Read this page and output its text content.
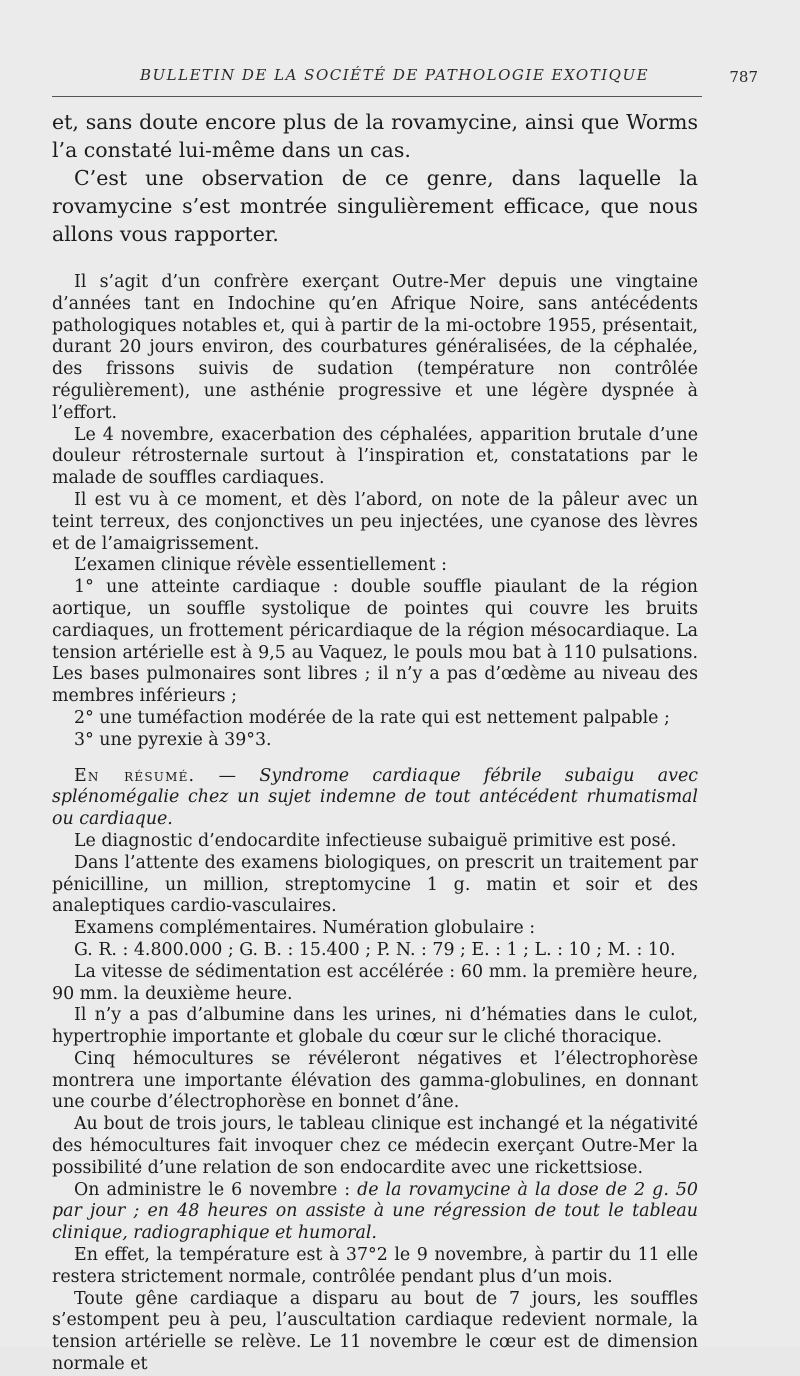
BULLETIN DE LA SOCIÉTÉ DE PATHOLOGIE EXOTIQUE	787

et, sans doute encore plus de la rovamycine, ainsi que Worms l’a constaté lui-même dans un cas.

C’est une observation de ce genre, dans laquelle la rovamycine s’est montrée singulièrement efficace, que nous allons vous rapporter.

Il s’agit d’un confrère exerçant Outre-Mer depuis une vingtaine d’années tant en Indochine qu’en Afrique Noire, sans antécédents pathologiques notables et, qui à partir de la mi-octobre 1955, présentait, durant 20 jours environ, des courbatures généralisées, de la céphalée, des frissons suivis de sudation (température non contrôlée régulièrement), une asthénie progressive et une légère dyspnée à l’effort.

Le 4 novembre, exacerbation des céphalées, apparition brutale d’une douleur rétrosternale surtout à l’inspiration et, constatations par le malade de souffles cardiaques.

Il est vu à ce moment, et dès l’abord, on note de la pâleur avec un teint terreux, des conjonctives un peu injectées, une cyanose des lèvres et de l’amaigrissement.

L’examen clinique révèle essentiellement :

1° une atteinte cardiaque : double souffle piaulant de la région aortique, un souffle systolique de pointes qui couvre les bruits cardiaques, un frottement péricardiaque de la région mésocardiaque. La tension artérielle est à 9,5 au Vaquez, le pouls mou bat à 110 pulsations. Les bases pulmonaires sont libres ; il n’y a pas d’œdème au niveau des membres inférieurs ;

2° une tuméfaction modérée de la rate qui est nettement palpable ;

3° une pyrexie à 39°3.

En résumé. — Syndrome cardiaque fébrile subaigu avec splénomégalie chez un sujet indemne de tout antécédent rhumatismal ou cardiaque.

Le diagnostic d’endocardite infectieuse subaiguë primitive est posé.

Dans l’attente des examens biologiques, on prescrit un traitement par pénicilline, un million, streptomycine 1 g. matin et soir et des analeptiques cardio-vasculaires.

Examens complémentaires. Numération globulaire :

G. R. : 4.800.000 ; G. B. : 15.400 ; P. N. : 79 ; E. : 1 ; L. : 10 ; M. : 10.

La vitesse de sédimentation est accélérée : 60 mm. la première heure, 90 mm. la deuxième heure.

Il n’y a pas d’albumine dans les urines, ni d’hématies dans le culot, hypertrophie importante et globale du cœur sur le cliché thoracique.

Cinq hémocultures se révéleront négatives et l’électrophorèse montrera une importante élévation des gamma-globulines, en donnant une courbe d’électrophorèse en bonnet d’âne.

Au bout de trois jours, le tableau clinique est inchangé et la négativité des hémocultures fait invoquer chez ce médecin exerçant Outre-Mer la possibilité d’une relation de son endocardite avec une rickettsiose.

On administre le 6 novembre : de la rovamycine à la dose de 2 g. 50 par jour ; en 48 heures on assiste à une régression de tout le tableau clinique, radiographique et humoral.

En effet, la température est à 37°2 le 9 novembre, à partir du 11 elle restera strictement normale, contrôlée pendant plus d’un mois.

Toute gêne cardiaque a disparu au bout de 7 jours, les souffles s’estompent peu à peu, l’auscultation cardiaque redevient normale, la tension artérielle se relève. Le 11 novembre le cœur est de dimension normale et
